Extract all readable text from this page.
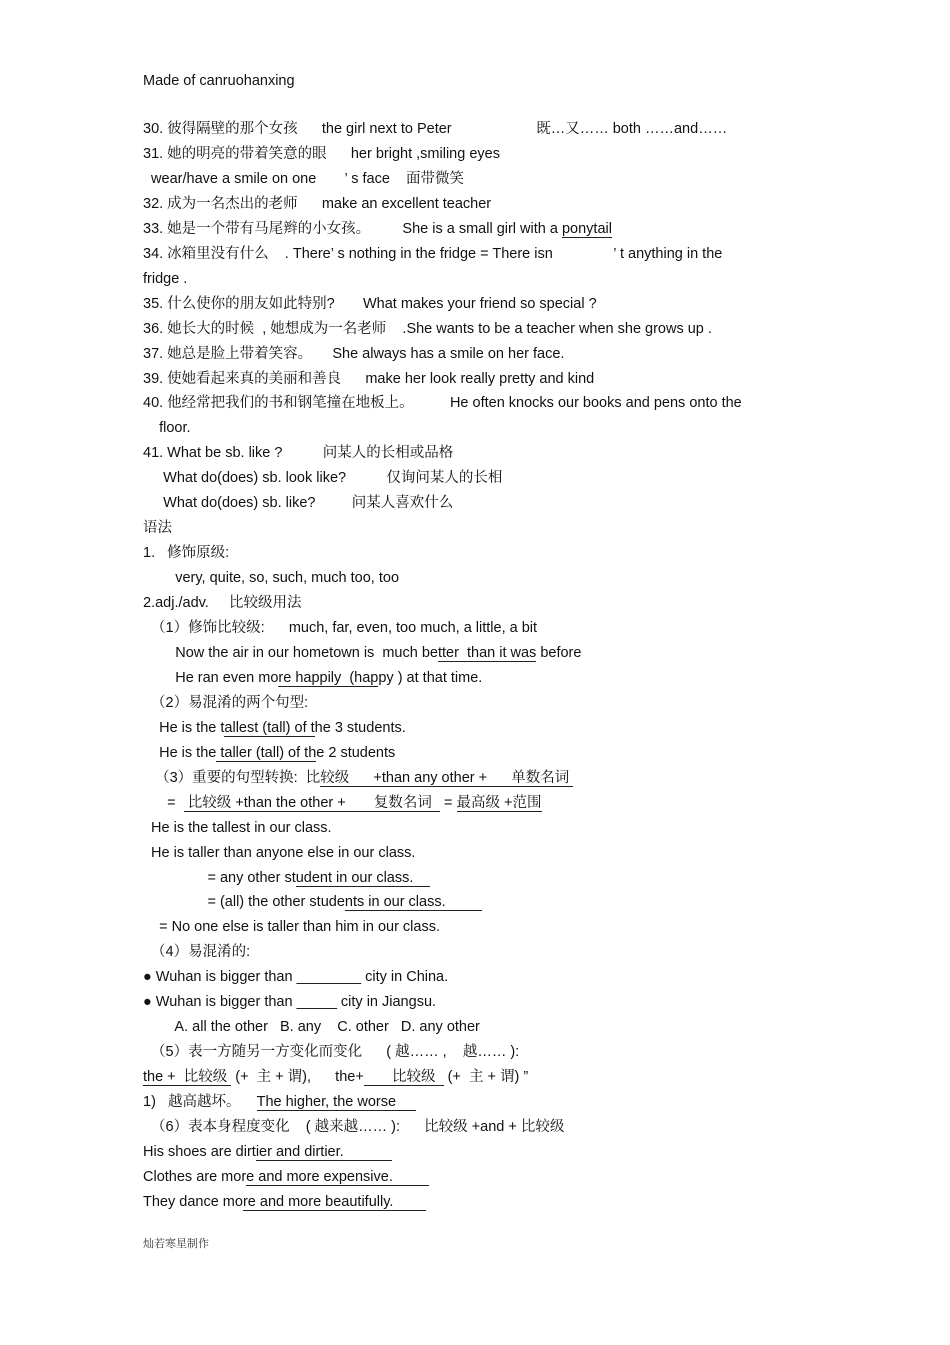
Made of canruohanxing
30. 彼得隔壁的那个女孩      the girl next to Peter                     既…又…… both ……and……
31. 她的明亮的带着笑意的眼      her bright ,smiling eyes
wear/have a smile on one       ’ s face    面带微笑
32. 成为一名杰出的老师      make an excellent teacher
33. 她是一个带有马尾辫的小女孩。        She is a small girl with a ponytail
34. 冰箱里没有什么    . There’ s nothing in the fridge = There isn               ’ t anything in the
fridge .
35. 什么使你的朋友如此特别?       What makes your friend so special ?
36. 她长大的时候  , 她想成为一名老师    .She wants to be a teacher when she grows up .
37. 她总是脸上带着笑容。     She always has a smile on her face.
39. 使她看起来真的美丽和善良      make her look really pretty and kind
40. 他经常把我们的书和钢笔撞在地板上。         He often knocks our books and pens onto the
floor.
41. What be sb. like ?          问某人的长相或品格
What do(does) sb. look like?          仅询问某人的长相
What do(does) sb. like?         问某人喜欢什么
语法
1.   修饰原级:
very, quite, so, such, much too, too
2.adj./adv.     比较级用法
（1）修饰比较级:      much, far, even, too much, a little, a bit
Now the air in our hometown is  much better  than it was before
He ran even more happily  (happy ) at that time.
（2）易混淆的两个句型:
He is the tallest (tall) of the 3 students.
He is the taller (tall) of the 2 students
（3）重要的句型转换:  比较级      +than any other +      单数名词
=   比较级 +than the other +       复数名词   = 最高级 +范围
He is the tallest in our class.
He is taller than anyone else in our class.
= any other student in our class.
= (all) the other students in our class.
= No one else is taller than him in our class.
（4）易混淆的:
● Wuhan is bigger than ________ city in China.
● Wuhan is bigger than _____ city in Jiangsu.
A. all the other   B. any    C. other   D. any other
（5）表一方随另一方变化而变化      ( 越…… ,    越…… ):
the +  比较级  (+  主 + 谓),      the+       比较级   (+  主 + 谓) ”
1)   越高越坏。    The higher, the worse
（6）表本身程度变化    ( 越来越…… ):      比较级 +and + 比较级
His shoes are dirtier and dirtier.
Clothes are more and more expensive.
They dance more and more beautifully.
灿若寒星制作
